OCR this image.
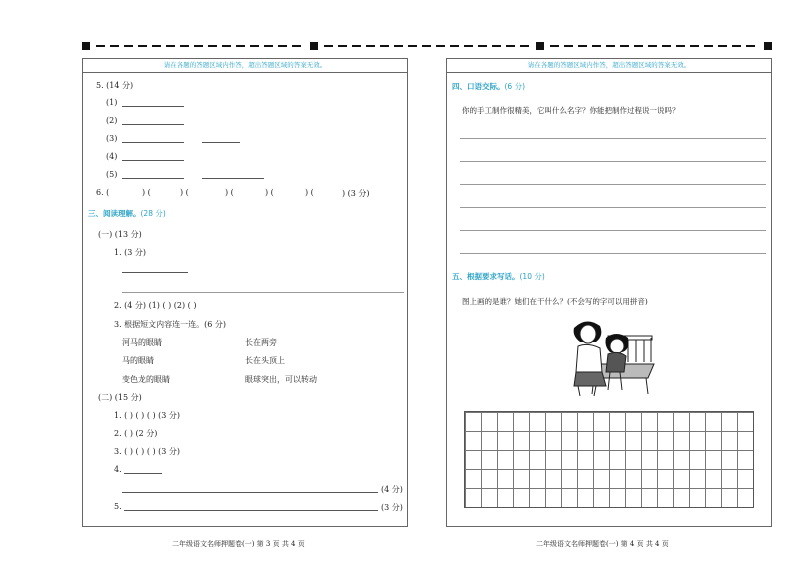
请在各题的答题区域内作答，超出答题区域的答案无效。
5. (14 分)
(1)
(2)
(3)
(4)
(5)
6. (	) (	) (	) (	) (	) (	) (3 分)
三、阅读理解。(28 分)
(一) (13 分)
1. (3 分)
2. (4 分) (1) ( ) (2) ( )
3. 根据短文内容连一连。(6 分)
河马的眼睛	长在两旁
马的眼睛	长在头顶上
变色龙的眼睛	眼球突出，可以转动
(二) (15 分)
1. ( ) ( ) ( ) (3 分)
2. ( ) (2 分)
3. ( ) ( ) ( ) (3 分)
4.
(4 分)
5.	(3 分)
二年级语文名师押题卷(一) 第 3 页 共 4 页
请在各题的答题区域内作答，超出答题区域的答案无效。
四、口语交际。(6 分)
你的手工制作很精美，它叫什么名字？你能把制作过程说一说吗？
五、根据要求写话。(10 分)
图上画的是谁？她们在干什么？(不会写的字可以用拼音)
二年级语文名师押题卷(一) 第 4 页 共 4 页
